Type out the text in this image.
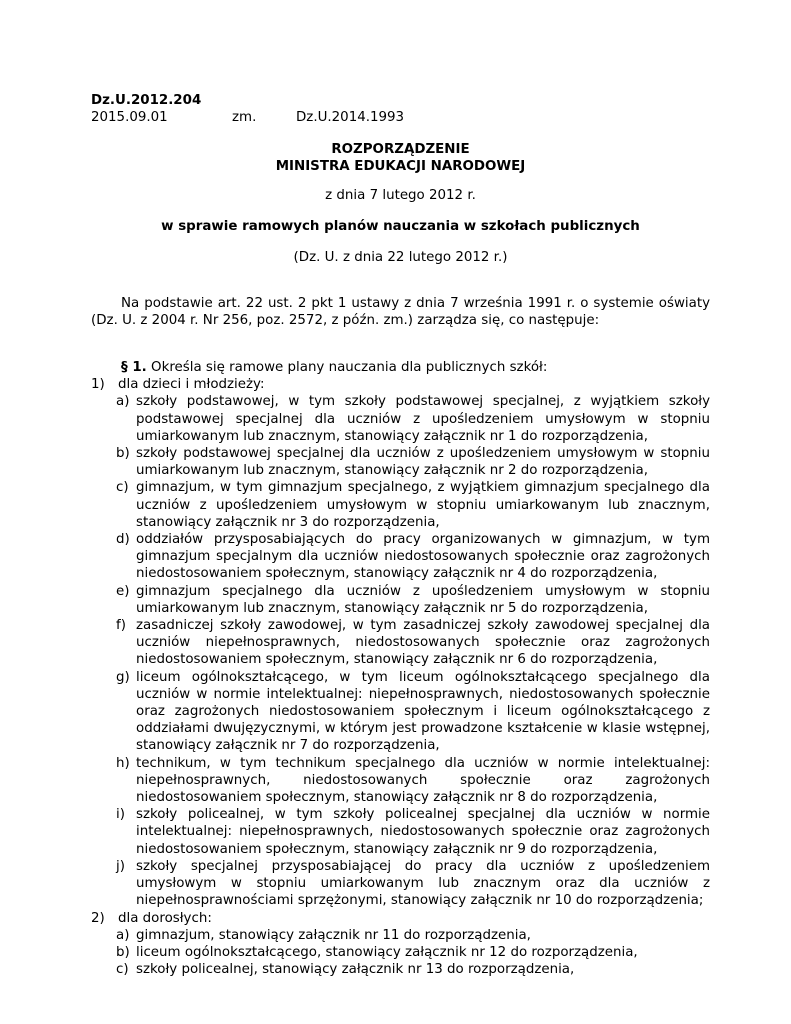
Dz.U.2012.204
2015.09.01	zm.	Dz.U.2014.1993
ROZPORZĄDZENIE
MINISTRA EDUKACJI NARODOWEJ
z dnia 7 lutego 2012 r.
w sprawie ramowych planów nauczania w szkołach publicznych
(Dz. U. z dnia 22 lutego 2012 r.)
Na podstawie art. 22 ust. 2 pkt 1 ustawy z dnia 7 września 1991 r. o systemie oświaty (Dz. U. z 2004 r. Nr 256, poz. 2572, z późn. zm.) zarządza się, co następuje:
§ 1. Określa się ramowe plany nauczania dla publicznych szkół:
1) dla dzieci i młodzieży:
a) szkoły podstawowej, w tym szkoły podstawowej specjalnej, z wyjątkiem szkoły podstawowej specjalnej dla uczniów z upośledzeniem umysłowym w stopniu umiarkowanym lub znacznym, stanowiący załącznik nr 1 do rozporządzenia,
b) szkoły podstawowej specjalnej dla uczniów z upośledzeniem umysłowym w stopniu umiarkowanym lub znacznym, stanowiący załącznik nr 2 do rozporządzenia,
c) gimnazjum, w tym gimnazjum specjalnego, z wyjątkiem gimnazjum specjalnego dla uczniów z upośledzeniem umysłowym w stopniu umiarkowanym lub znacznym, stanowiący załącznik nr 3 do rozporządzenia,
d) oddziałów przysposabiających do pracy organizowanych w gimnazjum, w tym gimnazjum specjalnym dla uczniów niedostosowanych społecznie oraz zagrożonych niedostosowaniem społecznym, stanowiący załącznik nr 4 do rozporządzenia,
e) gimnazjum specjalnego dla uczniów z upośledzeniem umysłowym w stopniu umiarkowanym lub znacznym, stanowiący załącznik nr 5 do rozporządzenia,
f) zasadniczej szkoły zawodowej, w tym zasadniczej szkoły zawodowej specjalnej dla uczniów niepełnosprawnych, niedostosowanych społecznie oraz zagrożonych niedostosowaniem społecznym, stanowiący załącznik nr 6 do rozporządzenia,
g) liceum ogólnokształcącego, w tym liceum ogólnokształcącego specjalnego dla uczniów w normie intelektualnej: niepełnosprawnych, niedostosowanych społecznie oraz zagrożonych niedostosowaniem społecznym i liceum ogólnokształcącego z oddziałami dwujęzycznymi, w którym jest prowadzone kształcenie w klasie wstępnej, stanowiący załącznik nr 7 do rozporządzenia,
h) technikum, w tym technikum specjalnego dla uczniów w normie intelektualnej: niepełnosprawnych, niedostosowanych społecznie oraz zagrożonych niedostosowaniem społecznym, stanowiący załącznik nr 8 do rozporządzenia,
i) szkoły policealnej, w tym szkoły policealnej specjalnej dla uczniów w normie intelektualnej: niepełnosprawnych, niedostosowanych społecznie oraz zagrożonych niedostosowaniem społecznym, stanowiący załącznik nr 9 do rozporządzenia,
j) szkoły specjalnej przysposabiającej do pracy dla uczniów z upośledzeniem umysłowym w stopniu umiarkowanym lub znacznym oraz dla uczniów z niepełnosprawnościami sprzężonymi, stanowiący załącznik nr 10 do rozporządzenia;
2) dla dorosłych:
a) gimnazjum, stanowiący załącznik nr 11 do rozporządzenia,
b) liceum ogólnokształcącego, stanowiący załącznik nr 12 do rozporządzenia,
c) szkoły policealnej, stanowiący załącznik nr 13 do rozporządzenia,
